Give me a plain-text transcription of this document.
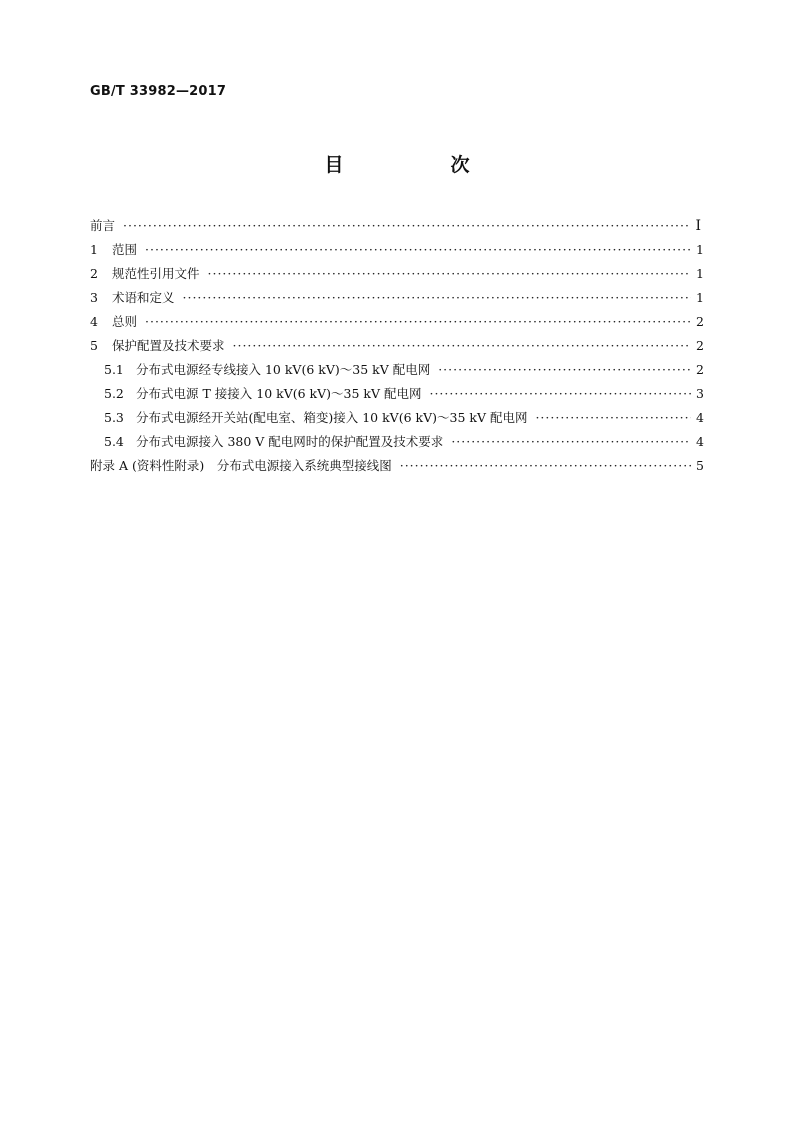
GB/T 33982—2017
目　次
前言 ·····	Ⅰ
1	范围 ·····	1
2	规范性引用文件 ·····	1
3	术语和定义 ·····	1
4	总则 ·····	2
5	保护配置及技术要求 ·····	2
5.1 分布式电源经专线接入 10 kV(6 kV)～35 kV 配电网 ·····	2
5.2 分布式电源 T 接接入 10 kV(6 kV)～35 kV 配电网 ·····	3
5.3 分布式电源经开关站(配电室、箱变)接入 10 kV(6 kV)～35 kV 配电网 ·····	4
5.4 分布式电源接入 380 V 配电网时的保护配置及技术要求 ·····	4
附录 A (资料性附录)　分布式电源接入系统典型接线图 ·····	5
